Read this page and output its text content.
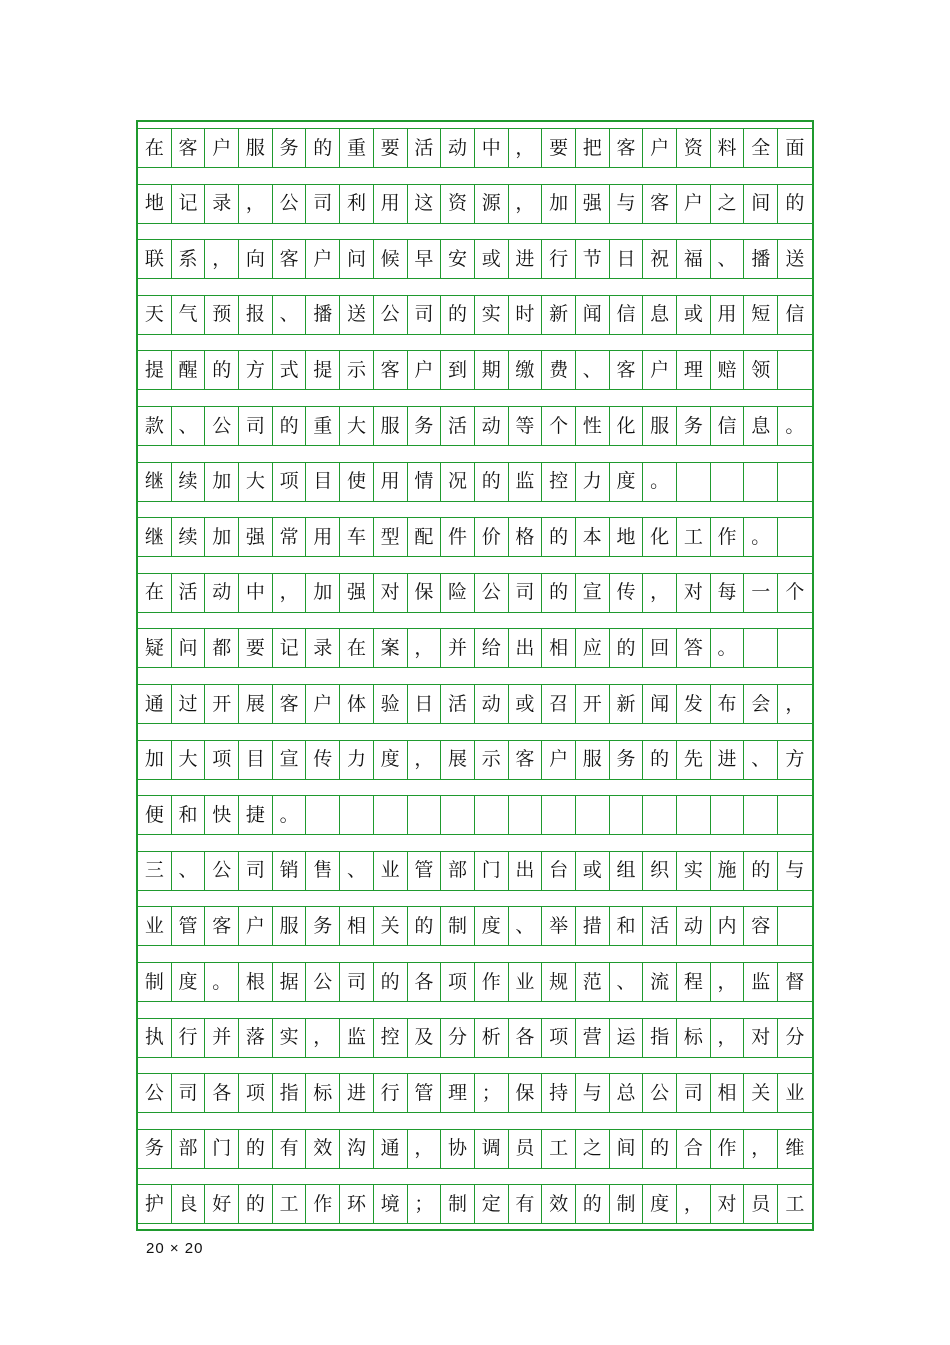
在 客 户 服 务 的 重 要 活 动 中 ， 要 把 客 户 资 料 全 面
地 记 录 ， 公 司 利 用 这 资 源 ， 加 强 与 客 户 之 间 的
联 系 ， 向 客 户 问 候 早 安 或 进 行 节 日 祝 福 、 播 送
天 气 预 报 、 播 送 公 司 的 实 时 新 闻 信 息 或 用 短 信
提 醒 的 方 式 提 示 客 户 到 期 缴 费 、 客 户 理 赔 领
款 、 公 司 的 重 大 服 务 活 动 等 个 性 化 服 务 信 息 。
继 续 加 大 项 目 使 用 情 况 的 监 控 力 度 。
继 续 加 强 常 用 车 型 配 件 价 格 的 本 地 化 工 作 。
在 活 动 中 ， 加 强 对 保 险 公 司 的 宣 传 ， 对 每 一 个
疑 问 都 要 记 录 在 案 ， 并 给 出 相 应 的 回 答 。
通 过 开 展 客 户 体 验 日 活 动 或 召 开 新 闻 发 布 会 ，
加 大 项 目 宣 传 力 度 ， 展 示 客 户 服 务 的 先 进 、 方
便 和 快 捷 。
三 、 公 司 销 售 、 业 管 部 门 出 台 或 组 织 实 施 的 与
业 管 客 户 服 务 相 关 的 制 度 、 举 措 和 活 动 内 容
制 度 。 根 据 公 司 的 各 项 作 业 规 范 、 流 程 ， 监 督
执 行 并 落 实 ， 监 控 及 分 析 各 项 营 运 指 标 ， 对 分
公 司 各 项 指 标 进 行 管 理 ； 保 持 与 总 公 司 相 关 业
务 部 门 的 有 效 沟 通 ， 协 调 员 工 之 间 的 合 作 ， 维
护 良 好 的 工 作 环 境 ； 制 定 有 效 的 制 度 ， 对 员 工
20 × 20
